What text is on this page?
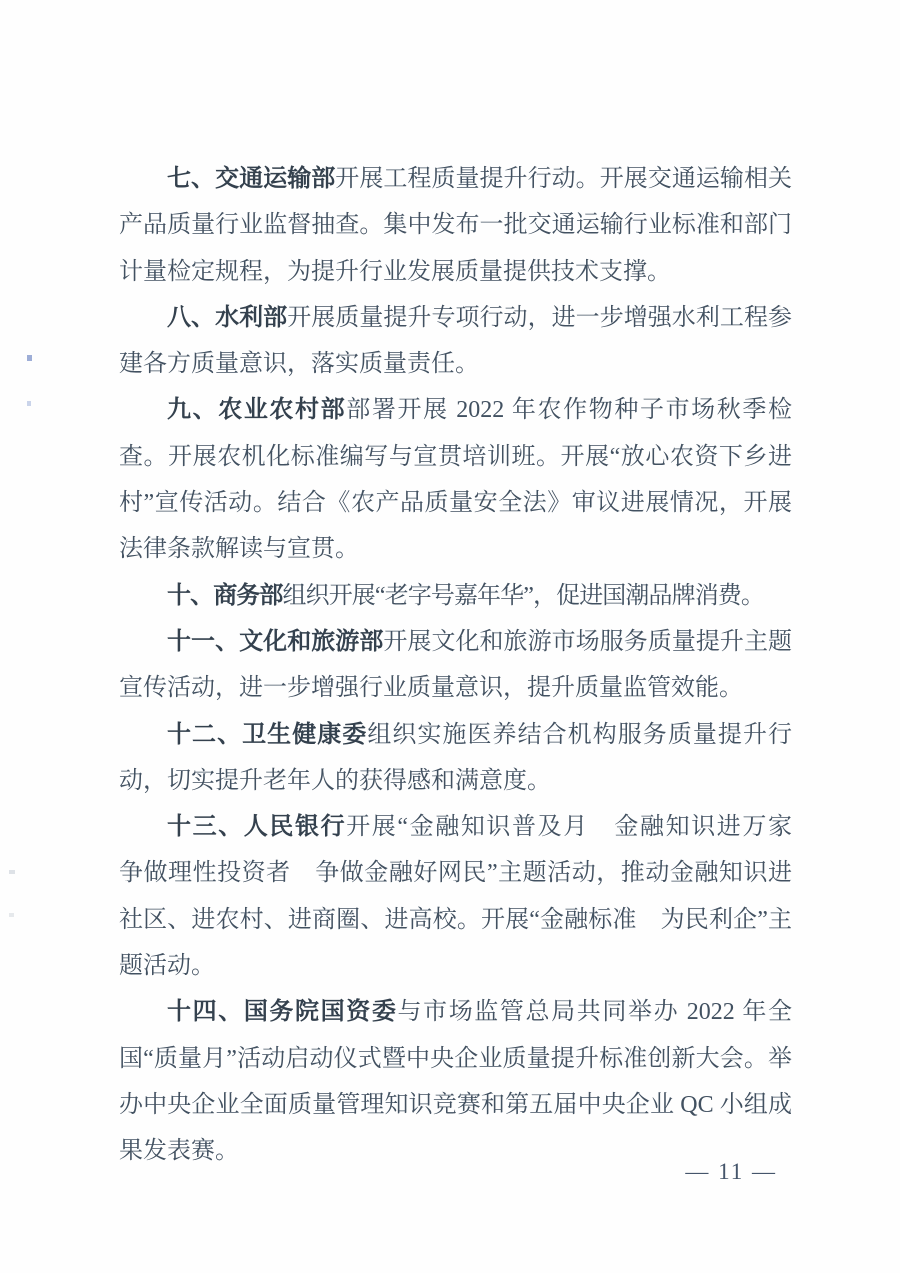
七、交通运输部开展工程质量提升行动。开展交通运输相关产品质量行业监督抽查。集中发布一批交通运输行业标准和部门计量检定规程，为提升行业发展质量提供技术支撑。

八、水利部开展质量提升专项行动，进一步增强水利工程参建各方质量意识，落实质量责任。

九、农业农村部部署开展 2022 年农作物种子市场秋季检查。开展农机化标准编写与宣贯培训班。开展“放心农资下乡进村”宣传活动。结合《农产品质量安全法》审议进展情况，开展法律条款解读与宣贯。

十、商务部组织开展“老字号嘉年华”，促进国潮品牌消费。

十一、文化和旅游部开展文化和旅游市场服务质量提升主题宣传活动，进一步增强行业质量意识，提升质量监管效能。

十二、卫生健康委组织实施医养结合机构服务质量提升行动，切实提升老年人的获得感和满意度。

十三、人民银行开展“金融知识普及月　金融知识进万家　争做理性投资者　争做金融好网民”主题活动，推动金融知识进社区、进农村、进商圈、进高校。开展“金融标准　为民利企”主题活动。

十四、国务院国资委与市场监管总局共同举办 2022 年全国“质量月”活动启动仪式暨中央企业质量提升标准创新大会。举办中央企业全面质量管理知识竞赛和第五届中央企业 QC 小组成果发表赛。

— 11 —
